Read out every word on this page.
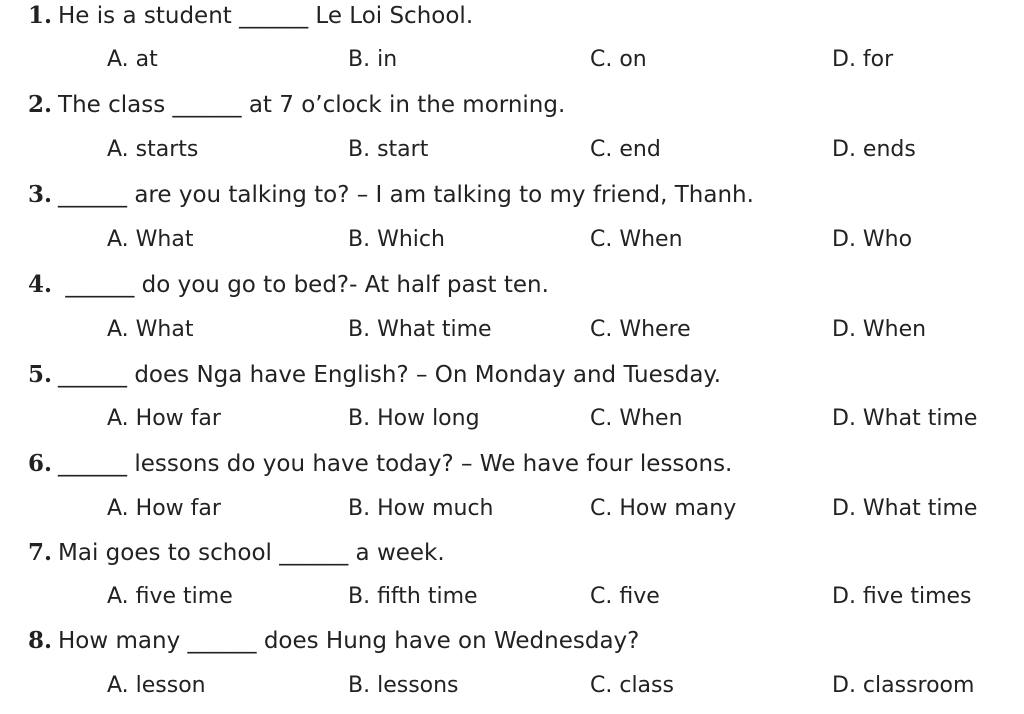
1. He is a student ______ Le Loi School.
A. at	B. in	C. on	D. for
2. The class ______ at 7 o’clock in the morning.
A. starts	B. start	C. end	D. ends
3. ______ are you talking to? – I am talking to my friend, Thanh.
A. What	B. Which	C. When	D. Who
4. ______ do you go to bed?- At half past ten.
A. What	B. What time	C. Where	D. When
5. ______ does Nga have English? – On Monday and Tuesday.
A. How far	B. How long	C. When	D. What time
6. ______ lessons do you have today? – We have four lessons.
A. How far	B. How much	C. How many	D. What time
7. Mai goes to school ______ a week.
A. five time	B. fifth time	C. five	D. five times
8. How many ______ does Hung have on Wednesday?
A. lesson	B. lessons	C. class	D. classroom
